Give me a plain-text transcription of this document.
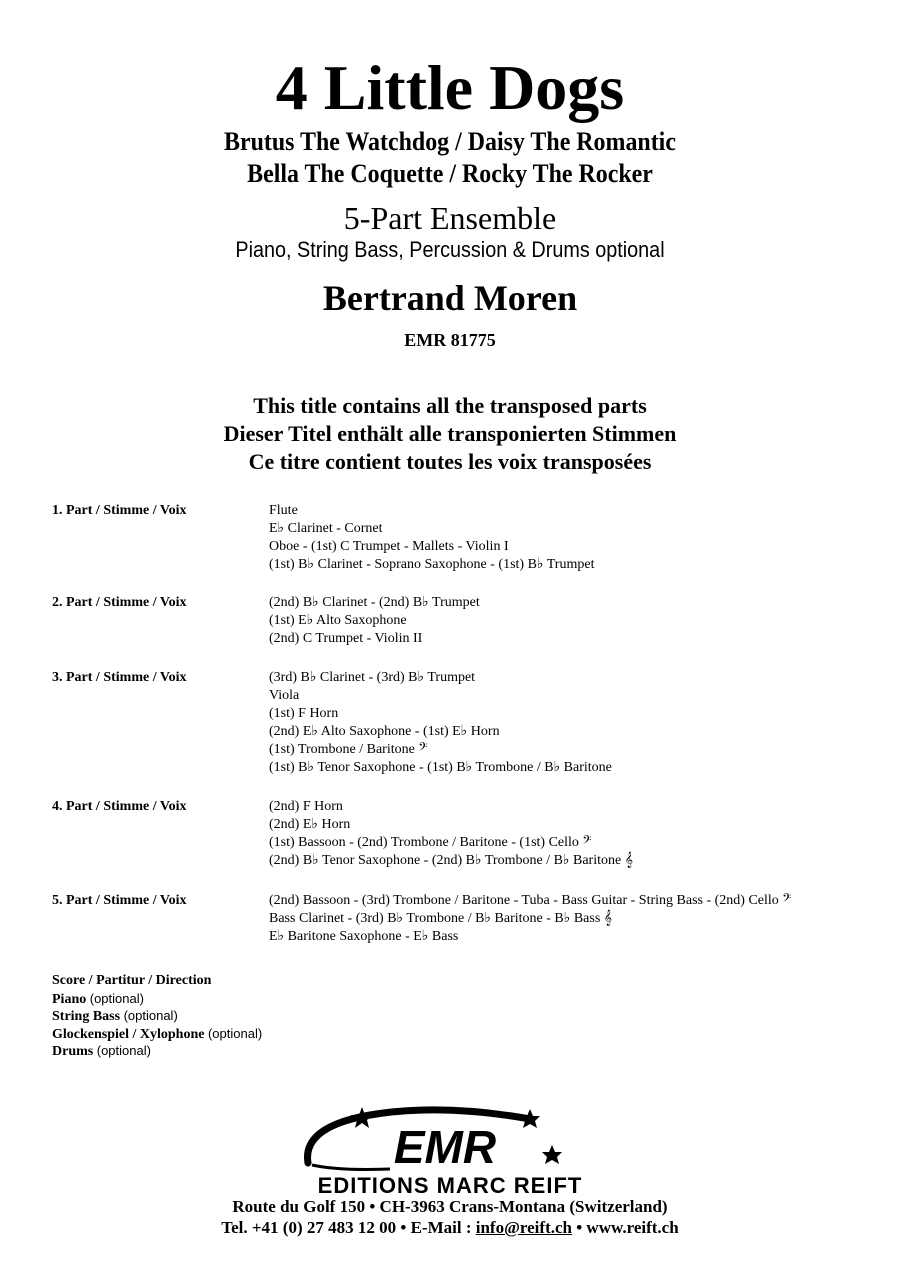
4 Little Dogs
Brutus The Watchdog / Daisy The Romantic
Bella The Coquette / Rocky The Rocker
5-Part Ensemble
Piano, String Bass, Percussion & Drums optional
Bertrand Moren
EMR 81775
This title contains all the transposed parts
Dieser Titel enthält alle transponierten Stimmen
Ce titre contient toutes les voix transposées
1. Part / Stimme / Voix	Flute
E♭ Clarinet - Cornet
Oboe - (1st) C Trumpet - Mallets - Violin I
(1st) B♭ Clarinet - Soprano Saxophone - (1st) B♭ Trumpet
2. Part / Stimme / Voix	(2nd) B♭ Clarinet - (2nd) B♭ Trumpet
(1st) E♭ Alto Saxophone
(2nd) C Trumpet - Violin II
3. Part / Stimme / Voix	(3rd) B♭ Clarinet - (3rd) B♭ Trumpet
Viola
(1st) F Horn
(2nd) E♭ Alto Saxophone - (1st) E♭ Horn
(1st) Trombone / Baritone 𝄢
(1st) B♭ Tenor Saxophone - (1st) B♭ Trombone / B♭ Baritone
4. Part / Stimme / Voix	(2nd) F Horn
(2nd) E♭ Horn
(1st) Bassoon - (2nd) Trombone / Baritone - (1st) Cello 𝄢
(2nd) B♭ Tenor Saxophone - (2nd) B♭ Trombone / B♭ Baritone 𝄞
5. Part / Stimme / Voix	(2nd) Bassoon - (3rd) Trombone / Baritone - Tuba - Bass Guitar - String Bass - (2nd) Cello 𝄢
Bass Clarinet - (3rd) B♭ Trombone / B♭ Baritone - B♭ Bass 𝄞
E♭ Baritone Saxophone - E♭ Bass
Score / Partitur / Direction
Piano (optional)
String Bass (optional)
Glockenspiel / Xylophone (optional)
Drums (optional)
EMR
EDITIONS MARC REIFT
Route du Golf 150 • CH-3963 Crans-Montana (Switzerland)
Tel. +41 (0) 27 483 12 00 • E-Mail : info@reift.ch • www.reift.ch
